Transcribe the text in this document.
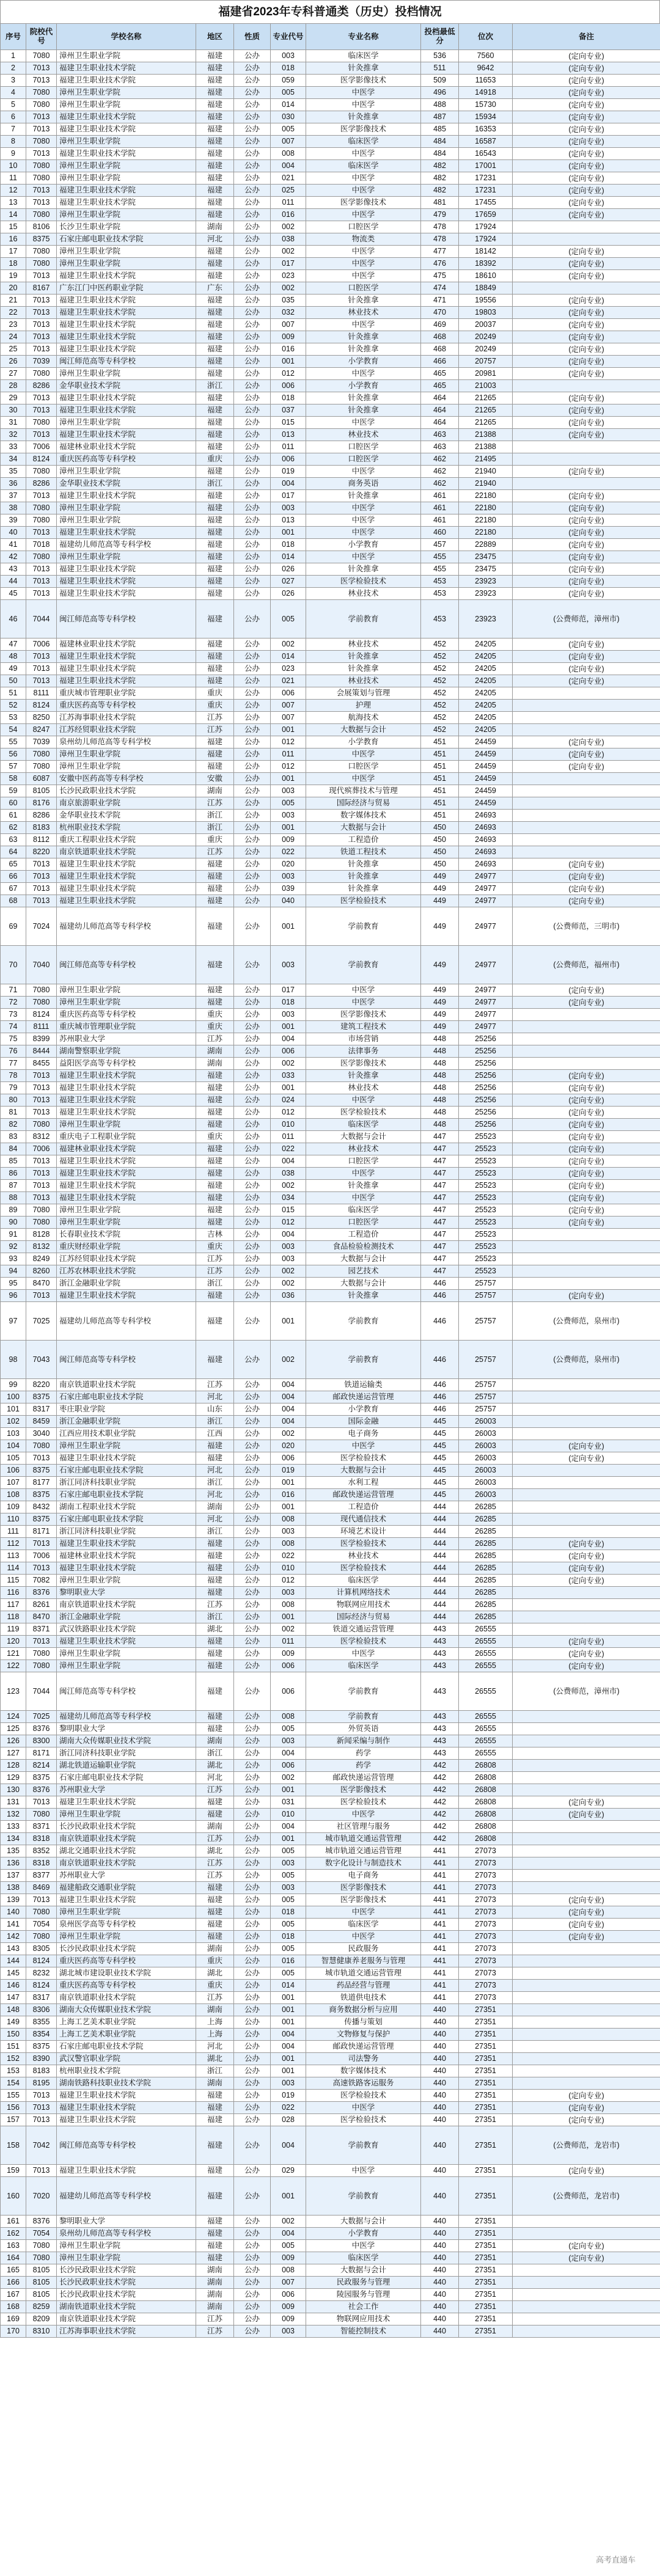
福建省2023年专科普通类（历史）投档情况
序号	院校代号	学校名称	地区	性质	专业代号	专业名称	投档最低分	位次	备注
1	7080	漳州卫生职业学院	福建	公办	003	临床医学	536	7560	(定向专业)
2	7013	福建卫生职业技术学院	福建	公办	018	针灸推拿	511	9642	(定向专业)
3	7013	福建卫生职业技术学院	福建	公办	059	医学影像技术	509	11653	(定向专业)
4	7080	漳州卫生职业学院	福建	公办	005	中医学	496	14918	(定向专业)
5	7080	漳州卫生职业学院	福建	公办	014	中医学	488	15730	(定向专业)
6	7013	福建卫生职业技术学院	福建	公办	030	针灸推拿	487	15934	(定向专业)
7	7013	福建卫生职业技术学院	福建	公办	005	医学影像技术	485	16353	(定向专业)
8	7080	漳州卫生职业学院	福建	公办	007	临床医学	484	16587	(定向专业)
9	7013	福建卫生职业技术学院	福建	公办	008	中医学	484	16543	(定向专业)
10	7080	漳州卫生职业学院	福建	公办	004	临床医学	482	17001	(定向专业)
11	7080	漳州卫生职业学院	福建	公办	021	中医学	482	17231	(定向专业)
12	7013	福建卫生职业技术学院	福建	公办	025	中医学	482	17231	(定向专业)
13	7013	福建卫生职业技术学院	福建	公办	011	医学影像技术	481	17455	(定向专业)
14	7080	漳州卫生职业学院	福建	公办	016	中医学	479	17659	(定向专业)
15	8106	长沙卫生职业学院	湖南	公办	002	口腔医学	478	17924	
16	8375	石家庄邮电职业技术学院	河北	公办	038	物流类	478	17924	
17	7080	漳州卫生职业学院	福建	公办	002	中医学	477	18142	(定向专业)
18	7080	漳州卫生职业学院	福建	公办	017	中医学	476	18392	(定向专业)
19	7013	福建卫生职业技术学院	福建	公办	023	中医学	475	18610	(定向专业)
20	8167	广东江门中医药职业学院	广东	公办	002	口腔医学	474	18849	
21	7013	福建卫生职业技术学院	福建	公办	035	针灸推拿	471	19556	(定向专业)
22	7013	福建卫生职业技术学院	福建	公办	032	林业技术	470	19803	(定向专业)
23	7013	福建卫生职业技术学院	福建	公办	007	中医学	469	20037	(定向专业)
24	7013	福建卫生职业技术学院	福建	公办	009	针灸推拿	468	20249	(定向专业)
25	7013	福建卫生职业技术学院	福建	公办	016	针灸推拿	468	20249	(定向专业)
26	7039	闽江师范高等专科学校	福建	公办	001	小学教育	466	20757	(定向专业)
27	7080	漳州卫生职业学院	福建	公办	012	中医学	465	20981	(定向专业)
28	8286	金华职业技术学院	浙江	公办	006	小学教育	465	21003	
29	7013	福建卫生职业技术学院	福建	公办	018	针灸推拿	464	21265	(定向专业)
30	7013	福建卫生职业技术学院	福建	公办	037	针灸推拿	464	21265	(定向专业)
31	7080	漳州卫生职业学院	福建	公办	015	中医学	464	21265	(定向专业)
32	7013	福建卫生职业技术学院	福建	公办	013	林业技术	463	21388	(定向专业)
33	7006	福建林业职业技术学院	福建	公办	011	口腔医学	463	21388	
34	8124	重庆医药高等专科学校	重庆	公办	006	口腔医学	462	21495	
35	7080	漳州卫生职业学院	福建	公办	019	中医学	462	21940	(定向专业)
36	8286	金华职业技术学院	浙江	公办	004	商务英语	462	21940	
37	7013	福建卫生职业技术学院	福建	公办	017	针灸推拿	461	22180	(定向专业)
38	7080	漳州卫生职业学院	福建	公办	003	中医学	461	22180	(定向专业)
39	7080	漳州卫生职业学院	福建	公办	013	中医学	461	22180	(定向专业)
40	7013	福建卫生职业技术学院	福建	公办	001	中医学	460	22180	(定向专业)
41	7018	福建幼儿师范高等专科学校	福建	公办	018	小学教育	457	22889	(定向专业)
42	7080	漳州卫生职业学院	福建	公办	014	中医学	455	23475	(定向专业)
43	7013	福建卫生职业技术学院	福建	公办	026	针灸推拿	455	23475	(定向专业)
44	7013	福建卫生职业技术学院	福建	公办	027	医学检验技术	453	23923	(定向专业)
45	7013	福建卫生职业技术学院	福建	公办	026	林业技术	453	23923	(定向专业)
46	7044	闽江师范高等专科学校	福建	公办	005	学前教育	453	23923	(公费师范，漳州市)
47	7006	福建林业职业技术学院	福建	公办	002	林业技术	452	24205	(定向专业)
48	7013	福建卫生职业技术学院	福建	公办	014	针灸推拿	452	24205	(定向专业)
49	7013	福建卫生职业技术学院	福建	公办	023	针灸推拿	452	24205	(定向专业)
50	7013	福建卫生职业技术学院	福建	公办	021	林业技术	452	24205	(定向专业)
51	8111	重庆城市管理职业学院	重庆	公办	006	会展策划与管理	452	24205	
52	8124	重庆医药高等专科学校	重庆	公办	007	护理	452	24205	
53	8250	江苏海事职业技术学院	江苏	公办	007	航海技术	452	24205	
54	8247	江苏经贸职业技术学院	江苏	公办	001	大数据与会计	452	24205	
55	7039	泉州幼儿师范高等专科学校	福建	公办	012	小学教育	451	24459	(定向专业)
56	7080	漳州卫生职业学院	福建	公办	011	中医学	451	24459	(定向专业)
57	7080	漳州卫生职业学院	福建	公办	012	口腔医学	451	24459	(定向专业)
58	6087	安徽中医药高等专科学校	安徽	公办	001	中医学	451	24459	
59	8105	长沙民政职业技术学院	湖南	公办	003	现代殡葬技术与管理	451	24459	
60	8176	南京旅游职业学院	江苏	公办	005	国际经济与贸易	451	24459	
61	8286	金华职业技术学院	浙江	公办	003	数字媒体技术	451	24693	
62	8183	杭州职业技术学院	浙江	公办	001	大数据与会计	450	24693	
63	8112	重庆工程职业技术学院	重庆	公办	009	工程造价	450	24693	
64	8220	南京铁道职业技术学院	江苏	公办	022	铁道工程技术	450	24693	
65	7013	福建卫生职业技术学院	福建	公办	020	针灸推拿	450	24693	(定向专业)
66	7013	福建卫生职业技术学院	福建	公办	003	针灸推拿	449	24977	(定向专业)
67	7013	福建卫生职业技术学院	福建	公办	039	针灸推拿	449	24977	(定向专业)
68	7013	福建卫生职业技术学院	福建	公办	040	医学检验技术	449	24977	(定向专业)
69	7024	福建幼儿师范高等专科学校	福建	公办	001	学前教育	449	24977	(公费师范，三明市)
70	7040	闽江师范高等专科学校	福建	公办	003	学前教育	449	24977	(公费师范，福州市)
71	7080	漳州卫生职业学院	福建	公办	017	中医学	449	24977	(定向专业)
72	7080	漳州卫生职业学院	福建	公办	018	中医学	449	24977	(定向专业)
73	8124	重庆医药高等专科学校	重庆	公办	003	医学影像技术	449	24977	
74	8111	重庆城市管理职业学院	重庆	公办	001	建筑工程技术	449	24977	
75	8399	苏州职业大学	江苏	公办	004	市场营销	448	25256	
76	8444	湖南警察职业学院	湖南	公办	006	法律事务	448	25256	
77	8455	益阳医学高等专科学校	湖南	公办	002	医学影像技术	448	25256	
78	7013	福建卫生职业技术学院	福建	公办	033	针灸推拿	448	25256	(定向专业)
79	7013	福建卫生职业技术学院	福建	公办	001	林业技术	448	25256	(定向专业)
80	7013	福建卫生职业技术学院	福建	公办	024	中医学	448	25256	(定向专业)
81	7013	福建卫生职业技术学院	福建	公办	012	医学检验技术	448	25256	(定向专业)
82	7080	漳州卫生职业学院	福建	公办	010	临床医学	448	25256	(定向专业)
83	8312	重庆电子工程职业学院	重庆	公办	011	大数据与会计	447	25523	(定向专业)
84	7006	福建林业职业技术学院	福建	公办	022	林业技术	447	25523	(定向专业)
85	7013	福建卫生职业技术学院	福建	公办	004	口腔医学	447	25523	(定向专业)
86	7013	福建卫生职业技术学院	福建	公办	038	中医学	447	25523	(定向专业)
87	7013	福建卫生职业技术学院	福建	公办	002	针灸推拿	447	25523	(定向专业)
88	7013	福建卫生职业技术学院	福建	公办	034	中医学	447	25523	(定向专业)
89	7080	漳州卫生职业学院	福建	公办	015	临床医学	447	25523	(定向专业)
90	7080	漳州卫生职业学院	福建	公办	012	口腔医学	447	25523	(定向专业)
91	8128	长春职业技术学院	吉林	公办	004	工程造价	447	25523	
92	8132	重庆财经职业学院	重庆	公办	003	食品检验检测技术	447	25523	
93	8249	江苏经贸职业技术学院	江苏	公办	003	大数据与会计	447	25523	
94	8260	江苏农林职业技术学院	江苏	公办	002	园艺技术	447	25523	
95	8470	浙江金融职业学院	浙江	公办	002	大数据与会计	446	25757	
96	7013	福建卫生职业技术学院	福建	公办	036	针灸推拿	446	25757	(定向专业)
97	7025	福建幼儿师范高等专科学校	福建	公办	001	学前教育	446	25757	(公费师范，泉州市)
98	7043	闽江师范高等专科学校	福建	公办	002	学前教育	446	25757	(公费师范，泉州市)
99	8220	南京铁道职业技术学院	江苏	公办	004	铁道运输类	446	25757	
100	8375	石家庄邮电职业技术学院	河北	公办	004	邮政快递运营管理	446	25757	
101	8317	枣庄职业学院	山东	公办	004	小学教育	446	25757	
102	8459	浙江金融职业学院	浙江	公办	004	国际金融	445	26003	
103	3040	江西应用技术职业学院	江西	公办	002	电子商务	445	26003	
104	7080	漳州卫生职业学院	福建	公办	020	中医学	445	26003	(定向专业)
105	7013	福建卫生职业技术学院	福建	公办	006	医学检验技术	445	26003	(定向专业)
106	8375	石家庄邮电职业技术学院	河北	公办	019	大数据与会计	445	26003	
107	8177	浙江同济科技职业学院	浙江	公办	001	水利工程	445	26003	
108	8375	石家庄邮电职业技术学院	河北	公办	016	邮政快递运营管理	445	26003	
109	8432	湖南工程职业技术学院	湖南	公办	001	工程造价	444	26285	
110	8375	石家庄邮电职业技术学院	河北	公办	008	现代通信技术	444	26285	
111	8171	浙江同济科技职业学院	浙江	公办	003	环境艺术设计	444	26285	
112	7013	福建卫生职业技术学院	福建	公办	008	医学检验技术	444	26285	(定向专业)
113	7006	福建林业职业技术学院	福建	公办	022	林业技术	444	26285	(定向专业)
114	7013	福建卫生职业技术学院	福建	公办	010	医学检验技术	444	26285	(定向专业)
115	7082	漳州卫生职业学院	福建	公办	012	临床医学	444	26285	(定向专业)
116	8376	黎明职业大学	福建	公办	003	计算机网络技术	444	26285	
117	8261	南京铁道职业技术学院	江苏	公办	008	物联网应用技术	444	26285	
118	8470	浙江金融职业学院	浙江	公办	001	国际经济与贸易	444	26285	
119	8371	武汉铁路职业技术学院	湖北	公办	002	铁道交通运营管理	443	26555	
120	7013	福建卫生职业技术学院	福建	公办	011	医学检验技术	443	26555	(定向专业)
121	7080	漳州卫生职业学院	福建	公办	009	中医学	443	26555	(定向专业)
122	7080	漳州卫生职业学院	福建	公办	006	临床医学	443	26555	(定向专业)
123	7044	闽江师范高等专科学校	福建	公办	006	学前教育	443	26555	(公费师范，漳州市)
124	7025	福建幼儿师范高等专科学校	福建	公办	008	学前教育	443	26555	
125	8376	黎明职业大学	福建	公办	005	外贸英语	443	26555	
126	8300	湖南大众传媒职业技术学院	湖南	公办	003	新闻采编与制作	443	26555	
127	8171	浙江同济科技职业学院	浙江	公办	004	药学	443	26555	
128	8214	湖北铁道运输职业学院	湖北	公办	006	药学	442	26808	
129	8375	石家庄邮电职业技术学院	河北	公办	002	邮政快递运营管理	442	26808	
130	8376	苏州职业大学	江苏	公办	001	医学影像技术	442	26808	
131	7013	福建卫生职业技术学院	福建	公办	031	医学检验技术	442	26808	(定向专业)
132	7080	漳州卫生职业学院	福建	公办	010	中医学	442	26808	(定向专业)
133	8371	长沙民政职业技术学院	湖南	公办	004	社区管理与服务	442	26808	
134	8318	南京铁道职业技术学院	江苏	公办	001	城市轨道交通运营管理	442	26808	
135	8352	湖北交通职业技术学院	湖北	公办	005	城市轨道交通运营管理	441	27073	
136	8318	南京铁道职业技术学院	江苏	公办	003	数字化设计与制造技术	441	27073	
137	8377	苏州职业大学	江苏	公办	005	电子商务	441	27073	
138	8469	福建船政交通职业学院	福建	公办	003	医学影像技术	441	27073	
139	7013	福建卫生职业技术学院	福建	公办	005	医学影像技术	441	27073	(定向专业)
140	7080	漳州卫生职业学院	福建	公办	018	中医学	441	27073	(定向专业)
141	7054	泉州医学高等专科学校	福建	公办	005	临床医学	441	27073	(定向专业)
142	7080	漳州卫生职业学院	福建	公办	018	中医学	441	27073	(定向专业)
143	8305	长沙民政职业技术学院	湖南	公办	005	民政服务	441	27073	
144	8124	重庆医药高等专科学校	重庆	公办	016	智慧健康养老服务与管理	441	27073	
145	8232	湖北城市建设职业技术学院	湖北	公办	005	城市轨道交通运营管理	441	27073	
146	8124	重庆医药高等专科学校	重庆	公办	014	药品经营与管理	441	27073	
147	8317	南京铁道职业技术学院	江苏	公办	001	铁道供电技术	441	27073	
148	8306	湖南大众传媒职业技术学院	湖南	公办	001	商务数据分析与应用	440	27351	
149	8355	上海工艺美术职业学院	上海	公办	001	传播与策划	440	27351	
150	8354	上海工艺美术职业学院	上海	公办	004	文物修复与保护	440	27351	
151	8375	石家庄邮电职业技术学院	河北	公办	004	邮政快递运营管理	440	27351	
152	8390	武汉警官职业学院	湖北	公办	001	司法警务	440	27351	
153	8183	杭州职业技术学院	浙江	公办	001	数字媒体技术	440	27351	
154	8195	湖南铁路科技职业技术学院	湖南	公办	003	高速铁路客运服务	440	27351	
155	7013	福建卫生职业技术学院	福建	公办	019	医学检验技术	440	27351	(定向专业)
156	7013	福建卫生职业技术学院	福建	公办	022	中医学	440	27351	(定向专业)
157	7013	福建卫生职业技术学院	福建	公办	028	医学检验技术	440	27351	(定向专业)
158	7042	闽江师范高等专科学校	福建	公办	004	学前教育	440	27351	(公费师范，龙岩市)
159	7013	福建卫生职业技术学院	福建	公办	029	中医学	440	27351	(定向专业)
160	7020	福建幼儿师范高等专科学校	福建	公办	001	学前教育	440	27351	(公费师范，龙岩市)
161	8376	黎明职业大学	福建	公办	002	大数据与会计	440	27351	
162	7054	泉州幼儿师范高等专科学校	福建	公办	004	小学教育	440	27351	
163	7080	漳州卫生职业学院	福建	公办	005	中医学	440	27351	(定向专业)
164	7080	漳州卫生职业学院	福建	公办	009	临床医学	440	27351	(定向专业)
165	8105	长沙民政职业技术学院	湖南	公办	008	大数据与会计	440	27351	
166	8105	长沙民政职业技术学院	湖南	公办	007	民政服务与管理	440	27351	
167	8105	长沙民政职业技术学院	湖南	公办	006	陵园服务与管理	440	27351	
168	8259	湖南铁道职业技术学院	湖南	公办	009	社会工作	440	27351	
169	8209	南京铁道职业技术学院	江苏	公办	009	物联网应用技术	440	27351	
170	8310	江苏海事职业技术学院	江苏	公办	003	智能控制技术	440	27351	
高考直通车
